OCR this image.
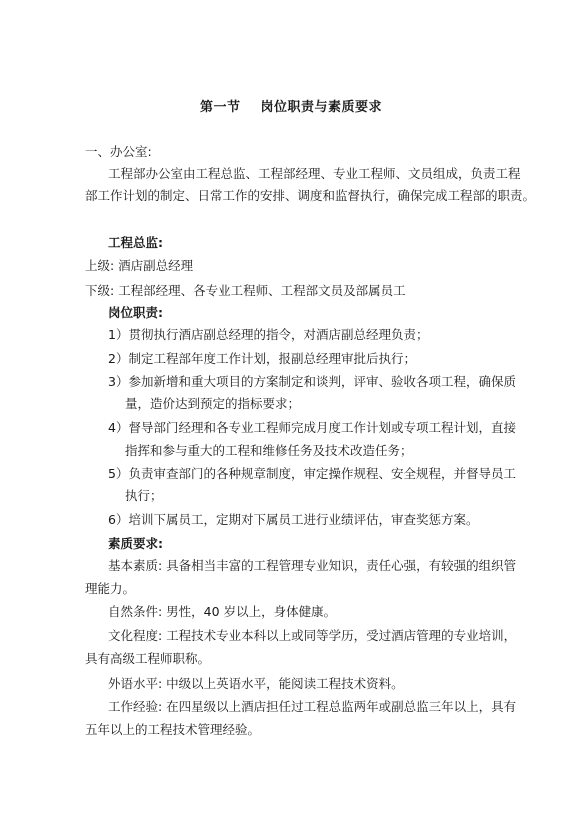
第一节 岗位职责与素质要求
一、办公室:
工程部办公室由工程总监、工程部经理、专业工程师、文员组成，负责工程
部工作计划的制定、日常工作的安排、调度和监督执行，确保完成工程部的职责。
工程总监:
上级: 酒店副总经理
下级: 工程部经理、各专业工程师、工程部文员及部属员工
岗位职责:
1）贯彻执行酒店副总经理的指令，对酒店副总经理负责；
2）制定工程部年度工作计划，报副总经理审批后执行；
3）参加新增和重大项目的方案制定和谈判，评审、验收各项工程，确保质
量，造价达到预定的指标要求；
4）督导部门经理和各专业工程师完成月度工作计划或专项工程计划，直接
指挥和参与重大的工程和维修任务及技术改造任务；
5）负责审查部门的各种规章制度，审定操作规程、安全规程，并督导员工
执行；
6）培训下属员工，定期对下属员工进行业绩评估，审查奖惩方案。
素质要求:
基本素质: 具备相当丰富的工程管理专业知识，责任心强，有较强的组织管
理能力。
自然条件: 男性，40 岁以上，身体健康。
文化程度: 工程技术专业本科以上或同等学历，受过酒店管理的专业培训，
具有高级工程师职称。
外语水平: 中级以上英语水平，能阅读工程技术资料。
工作经验: 在四星级以上酒店担任过工程总监两年或副总监三年以上，具有
五年以上的工程技术管理经验。
